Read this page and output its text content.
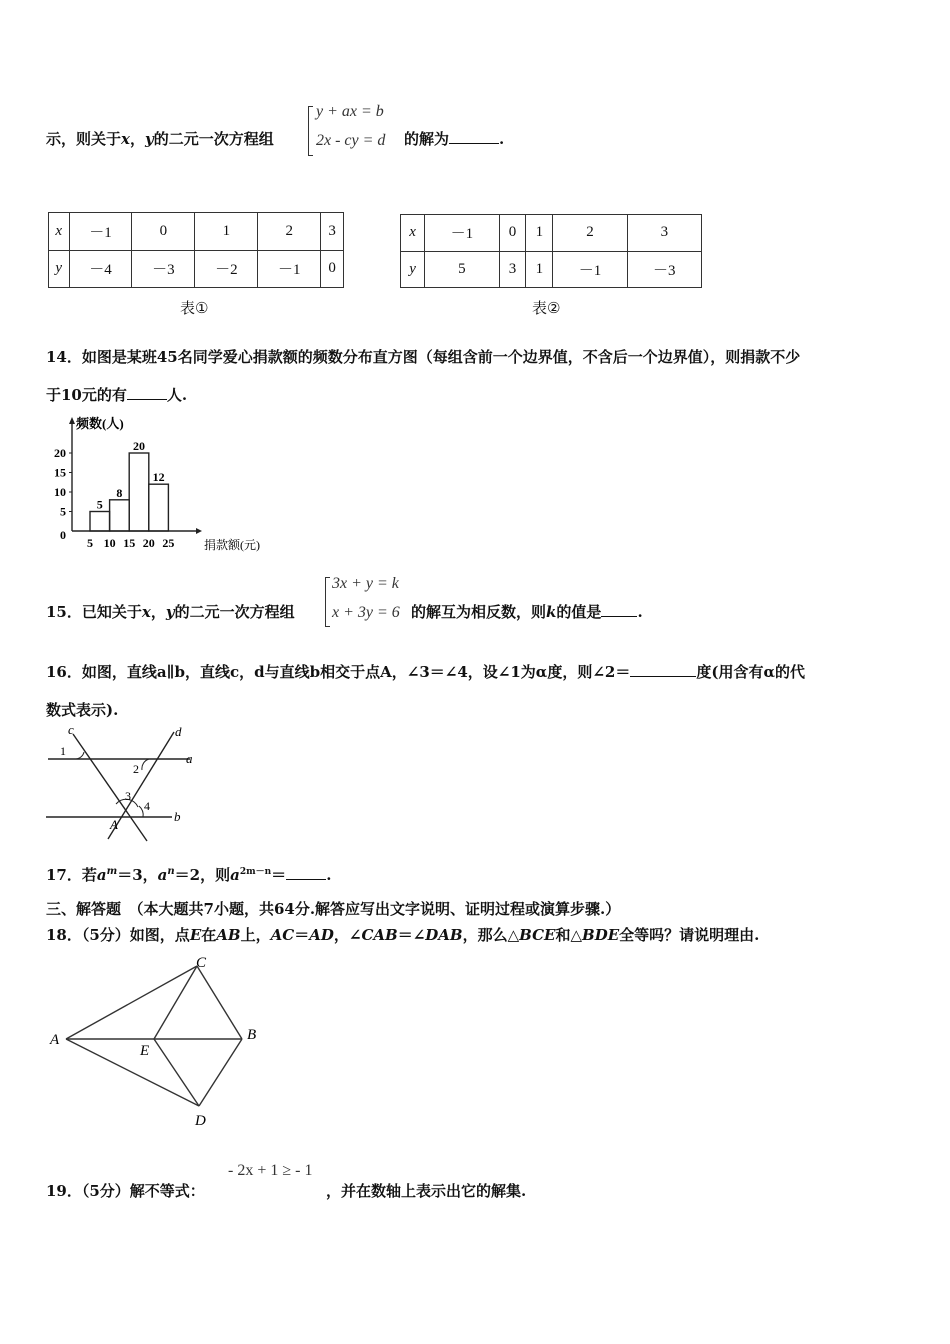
示，则关于x，y的二元一次方程组
y + ax = b
2x - cy = d 的解为	.
x	－1	0	1	2	3
y	－4	－3	－2	－1	0
表①
x	－1	0	1	2	3
y	5	3	1	－1	－3
表②
14．如图是某班45名同学爱心捐款额的频数分布直方图（每组含前一个边界值，不含后一个边界值），则捐款不少
于10元的有	人.
频数(人)
捐款额(元)
0
5
10
15
20
5 10 15 20 25
5
8
20
12
15．已知关于x，y的二元一次方程组
3x + y = k
x + 3y = 6 的解互为相反数，则k的值是 .
16．如图，直线a∥b，直线c，d与直线b相交于点A，∠3＝∠4，设∠1为α度，则∠2＝	度(用含有α的代
数式表示).
c	d
a
b
A
1
2
3
4
17．若$a^m=3$，$a^n=2$，则$a^{2m-n}=$	.
三、解答题　（本大题共7小题，共64分.解答应写出文字说明、证明过程或演算步骤.）
18．（5分）如图，点E在AB上，AC＝AD，∠CAB＝∠DAB，那么△BCE和△BDE全等吗？请说明理由.
A	B
C
D
E
19．（5分）解不等式：
- 2x + 1 ≥ - 1
，并在数轴上表示出它的解集.
